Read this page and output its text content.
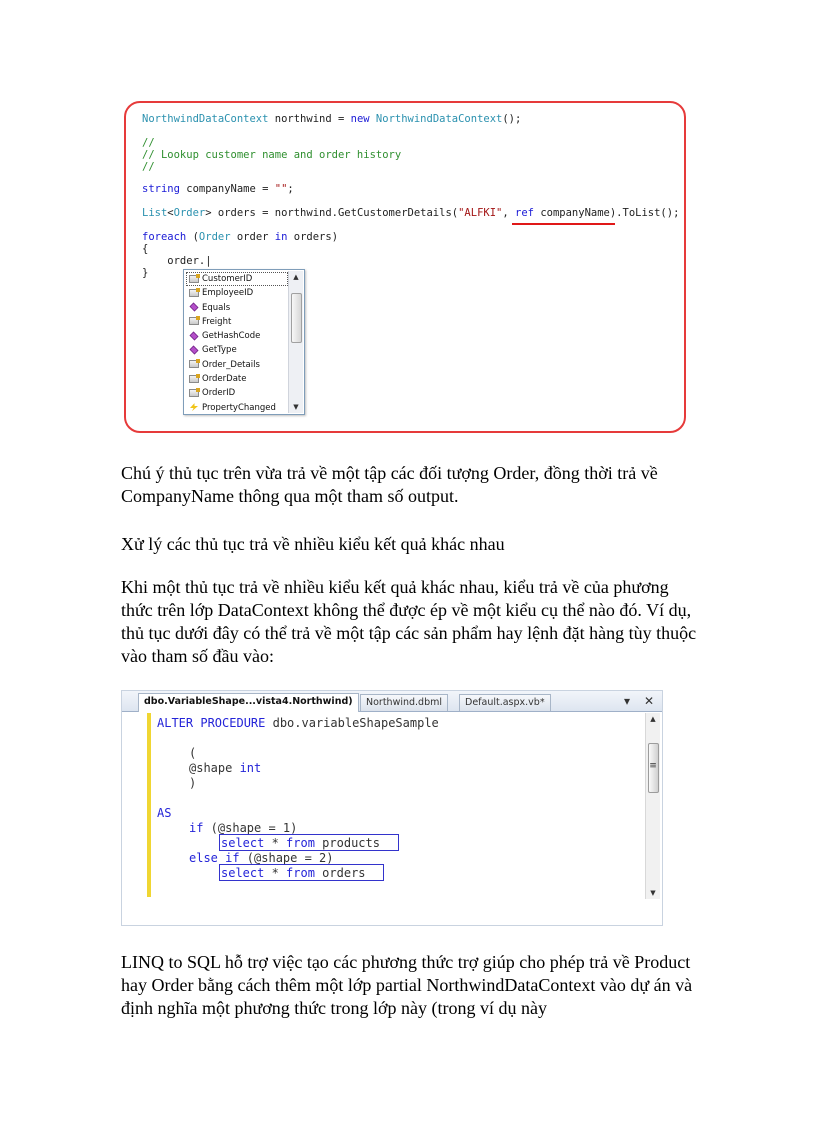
NorthwindDataContext northwind = new NorthwindDataContext();
//
// Lookup customer name and order history
//
string companyName = "";
List<Order> orders = northwind.GetCustomerDetails("ALFKI", ref companyName).ToList();
foreach (Order order in orders)
{
order.|
}	CustomerID
EmployeeID
Equals
Freight
GetHashCode
GetType
Order_Details
OrderDate
OrderID
PropertyChanged
▲
▼

Chú ý thủ tục trên vừa trả về một tập các đối tượng Order, đồng thời trả về CompanyName thông qua một tham số output.

Xử lý các thủ tục trả về nhiều kiểu kết quả khác nhau

Khi một thủ tục trả về nhiều kiểu kết quả khác nhau, kiểu trả về của phương thức trên lớp DataContext không thể được ép về một kiểu cụ thể nào đó. Ví dụ, thủ tục dưới đây có thể trả về một tập các sản phẩm hay lệnh đặt hàng tùy thuộc vào tham số đầu vào:

dbo.VariableShape...vista4.Northwind)	Northwind.dbml	Default.aspx.vb*	▾ ✕
ALTER PROCEDURE dbo.variableShapeSample
(
@shape int
)
AS
if (@shape = 1)
select * from products
else if (@shape = 2)
select * from orders
▲
≡
▼

LINQ to SQL hỗ trợ việc tạo các phương thức trợ giúp cho phép trả về Product hay Order bằng cách thêm một lớp partial NorthwindDataContext vào dự án và định nghĩa một phương thức trong lớp này (trong ví dụ này
